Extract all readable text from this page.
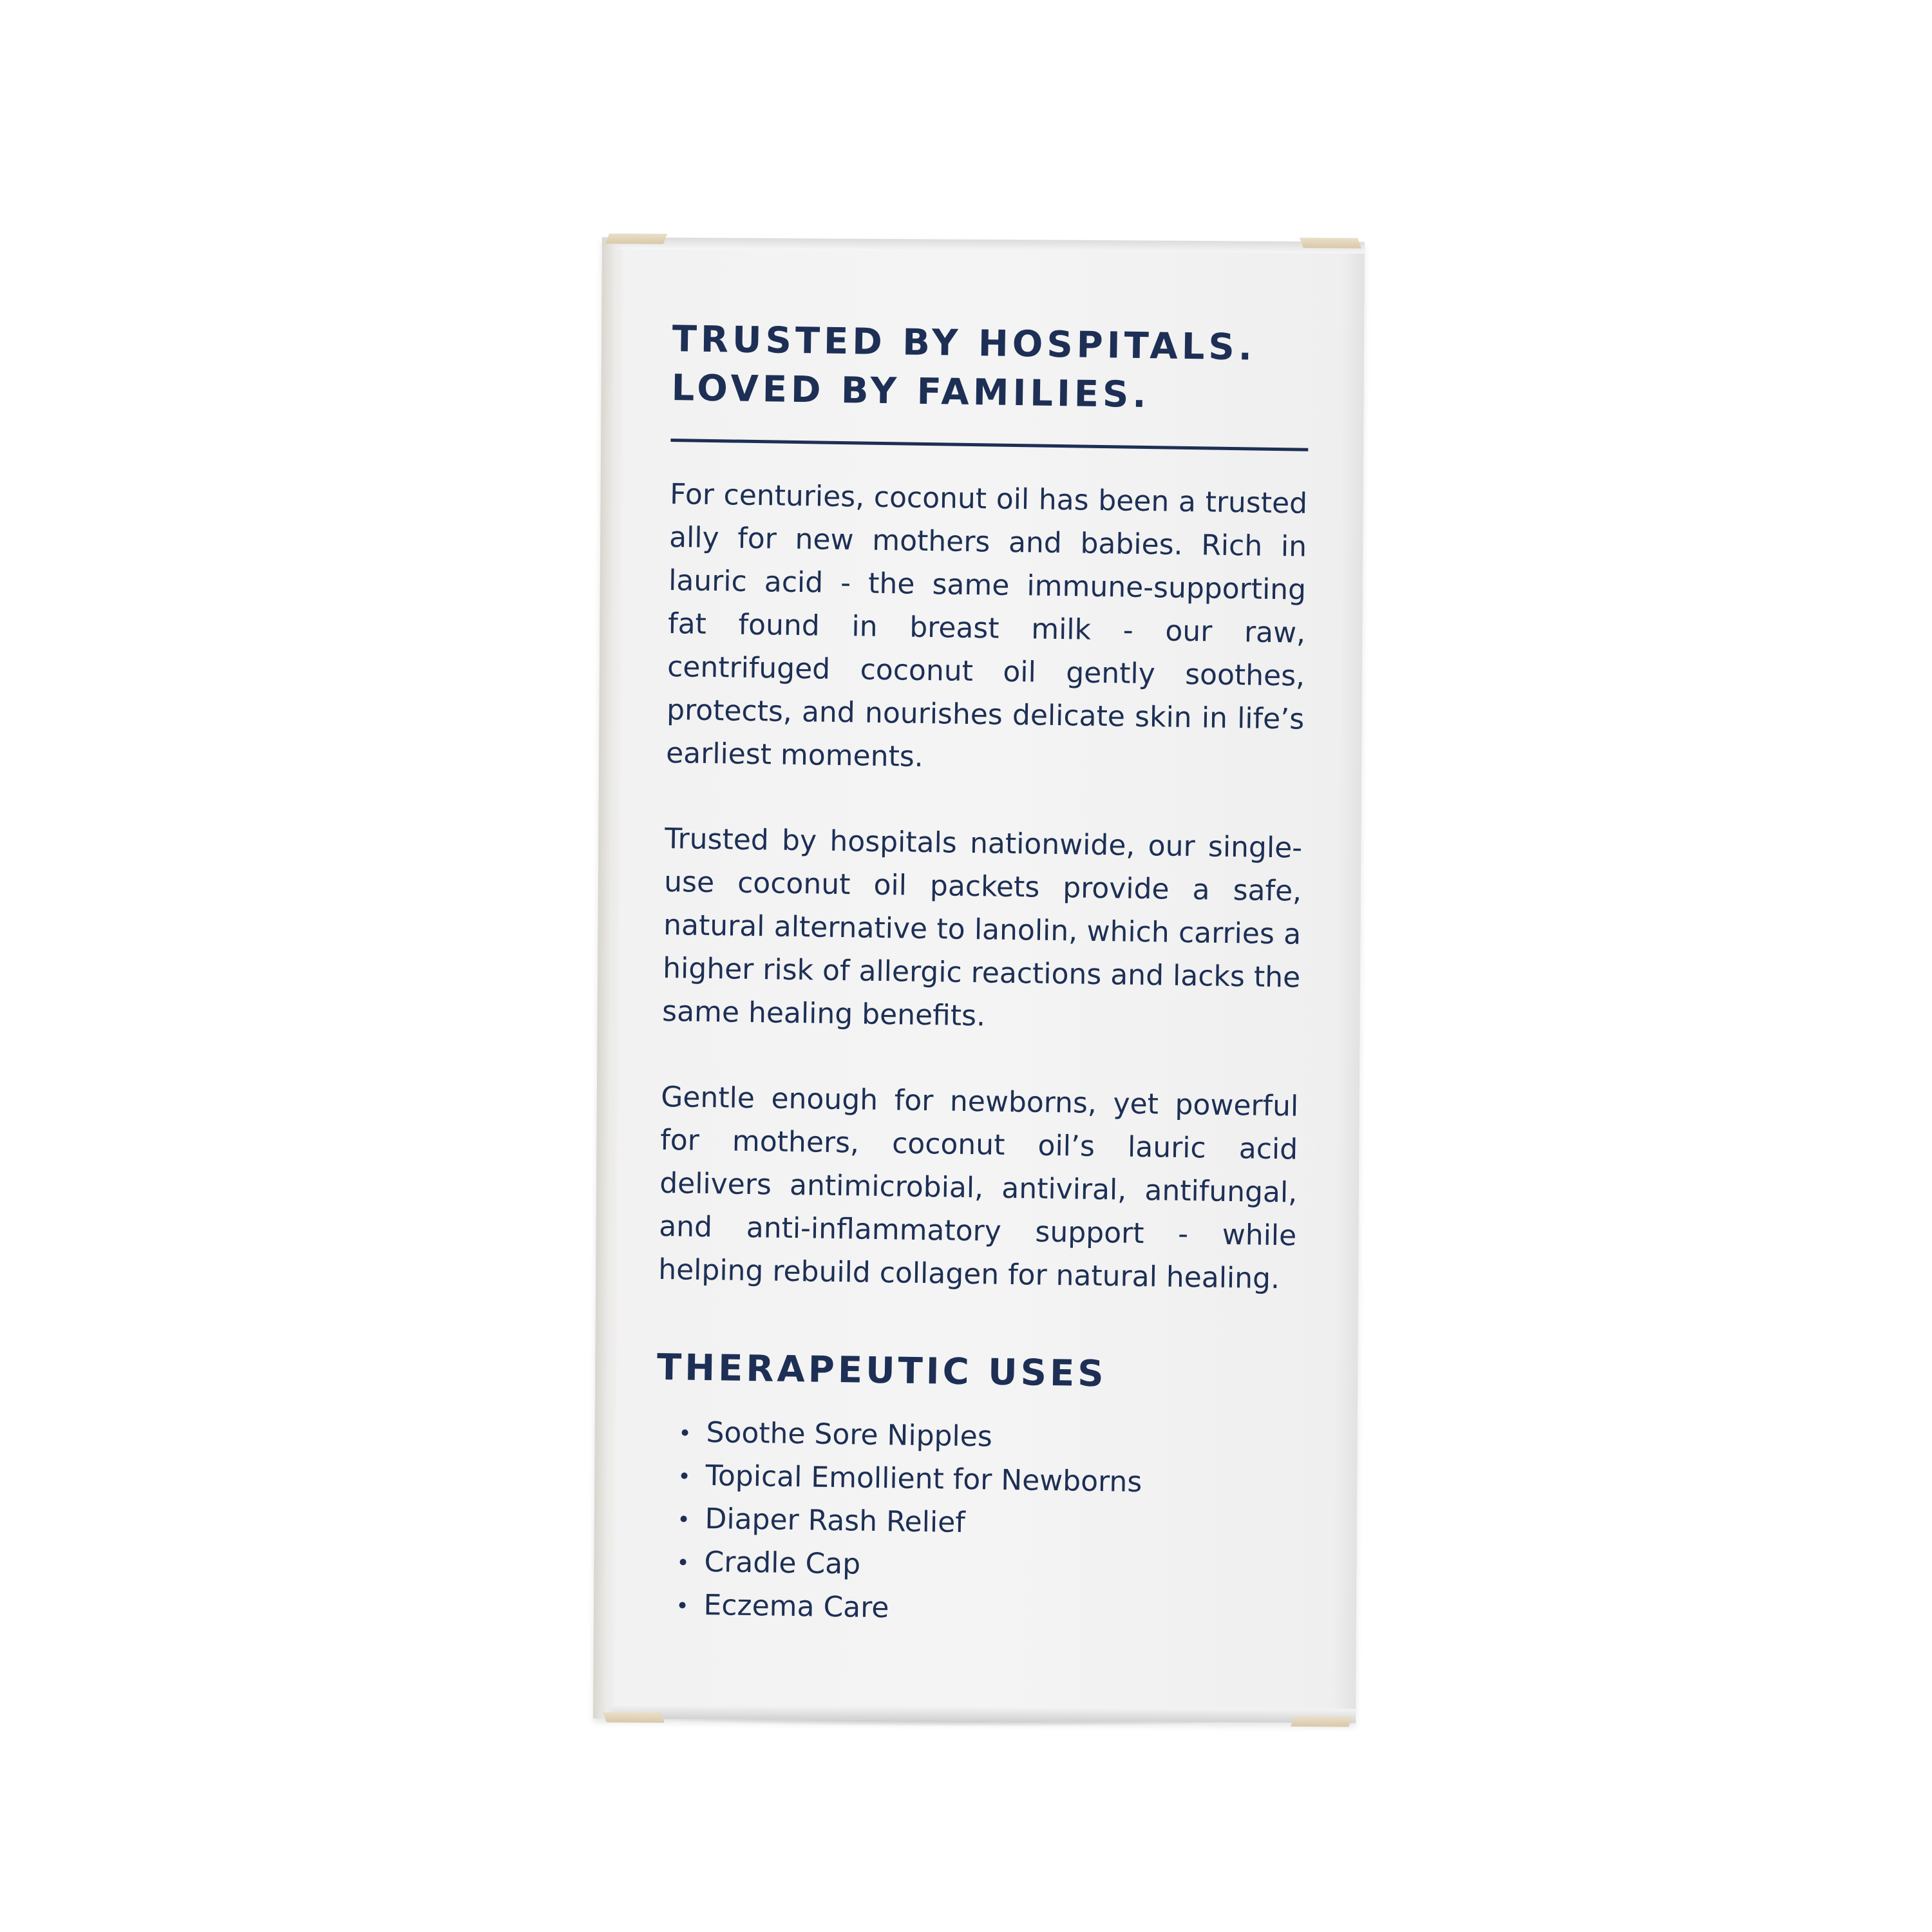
TRUSTED BY HOSPITALS.
LOVED BY FAMILIES.

For centuries, coconut oil has been a trusted ally for new mothers and babies. Rich in lauric acid - the same immune-supporting fat found in breast milk - our raw, centrifuged coconut oil gently soothes, protects, and nourishes delicate skin in life’s earliest moments.

Trusted by hospitals nationwide, our single-use coconut oil packets provide a safe, natural alternative to lanolin, which carries a higher risk of allergic reactions and lacks the same healing benefits.

Gentle enough for newborns, yet powerful for mothers, coconut oil’s lauric acid delivers antimicrobial, antiviral, antifungal, and anti-inflammatory support - while helping rebuild collagen for natural healing.

THERAPEUTIC USES
Soothe Sore Nipples
Topical Emollient for Newborns
Diaper Rash Relief
Cradle Cap
Eczema Care
